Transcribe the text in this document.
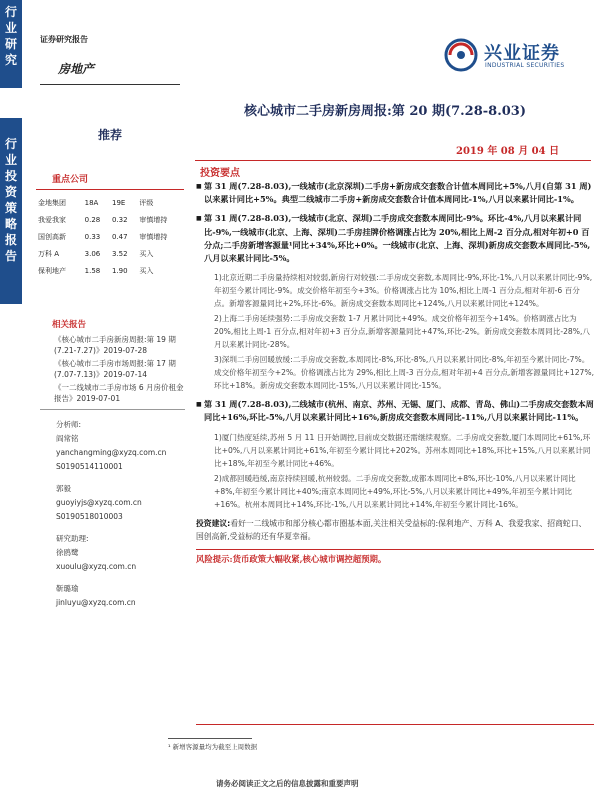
行业研究
行业投资策略报告
证券研究报告
房地产
兴业证券
INDUSTRIAL SECURITIES
核心城市二手房新房周报:第 20 期(7.28-8.03)
推荐
2019 年 08 月 04 日
投资要点
重点公司
金地集团	18A	19E	评级
我爱我家	0.28	0.32	审慎增持
国创高新	0.33	0.47	审慎增持
万科 A	3.06	3.52	买入
保利地产	1.58	1.90	买入
相关报告
《核心城市二手房新房周报:第 19 期(7.21-7.27)》2019-07-28
《核心城市二手房市场周报:第 17 期(7.07-7.13)》2019-07-14
《一二线城市二手房市场 6 月房价租金报告》2019-07-01
分析师:
阎常铭
yanchangming@xyzq.com.cn
S0190514110001
郭毅
guoyiyjs@xyzq.com.cn
S0190518010003
研究助理:
徐鸥鹭
xuoulu@xyzq.com.cn
靳璐瑜
jinluyu@xyzq.com.cn
■ 第 31 周(7.28-8.03),一线城市(北京深圳)二手房+新房成交套数合计值本周同比+5%,八月(自第 31 周)以来累计同比+5%。典型二线城市二手房+新房成交套数合计值本周同比-1%,八月以来累计同比-1%。
■ 第 31 周(7.28-8.03),一线城市(北京、深圳)二手房成交套数本周同比-9%。环比-4%,八月以来累计同比-9%,一线城市(北京、上海、深圳)二手房挂牌价格调涨占比为 20%,相比上周-2 百分点,相对年初+0 百分点;二手房新增客源量¹同比+34%,环比+0%。一线城市(北京、上海、深圳)新房成交套数本周同比-5%,八月以来累计同比-5%。
1)北京近期二手房量持续相对较弱,新房行对较强:二手房成交套数,本周同比-9%,环比-1%,八月以来累计同比-9%,年初至今累计同比-9%。成交价格年初至今+3%。价格调涨占比为 10%,相比上周-1 百分点,相对年初-6 百分点。新增客源量同比+2%,环比-6%。新房成交套数本周同比+124%,八月以来累计同比+124%。
2)上海二手房延续强势:二手房成交套数 1-7 月累计同比+49%。成交价格年初至今+14%。价格调涨占比为 20%,相比上周-1 百分点,相对年初+3 百分点,新增客源量同比+47%,环比-2%。新房成交套数本周同比-28%,八月以来累计同比-28%。
3)深圳二手房回暖放缓:二手房成交套数,本周同比-8%,环比-8%,八月以来累计同比-8%,年初至今累计同比-7%。成交价格年初至今+2%。价格调涨占比为 29%,相比上周-3 百分点,相对年初+4 百分点,新增客源量同比+127%,环比+18%。新房成交套数本周同比-15%,八月以来累计同比-15%。
■ 第 31 周(7.28-8.03),二线城市(杭州、南京、苏州、无锡、厦门、成都、青岛、佛山)二手房成交套数本周同比+16%,环比-5%,八月以来累计同比+16%,新房成交套数本周同比-11%,八月以来累计同比-11%。
1)厦门热度延续,苏州 5 月 11 日开始调控,目前成交数据还需继续观察。二手房成交套数,厦门本周同比+61%,环比+0%,八月以来累计同比+61%,年初至今累计同比+202%。苏州本周同比+18%,环比+15%,八月以来累计同比+18%,年初至今累计同比+46%。
2)成都回暖趋缓,南京持续回暖,杭州较弱。二手房成交套数,成都本周同比+8%,环比-10%,八月以来累计同比+8%,年初至今累计同比+40%;南京本周同比+49%,环比-5%,八月以来累计同比+49%,年初至今累计同比+16%。杭州本周同比+14%,环比-1%,八月以来累计同比+14%,年初至今累计同比-16%。
投资建议:看好一二线城市和部分核心都市圈基本面,关注相关受益标的:保利地产、万科 A、我爱我家、招商蛇口、国创高新,受益标的还有华夏幸福。
风险提示:货币政策大幅收紧,核心城市调控超预期。
¹ 新增客源量均为截至上周数据
请务必阅读正文之后的信息披露和重要声明
